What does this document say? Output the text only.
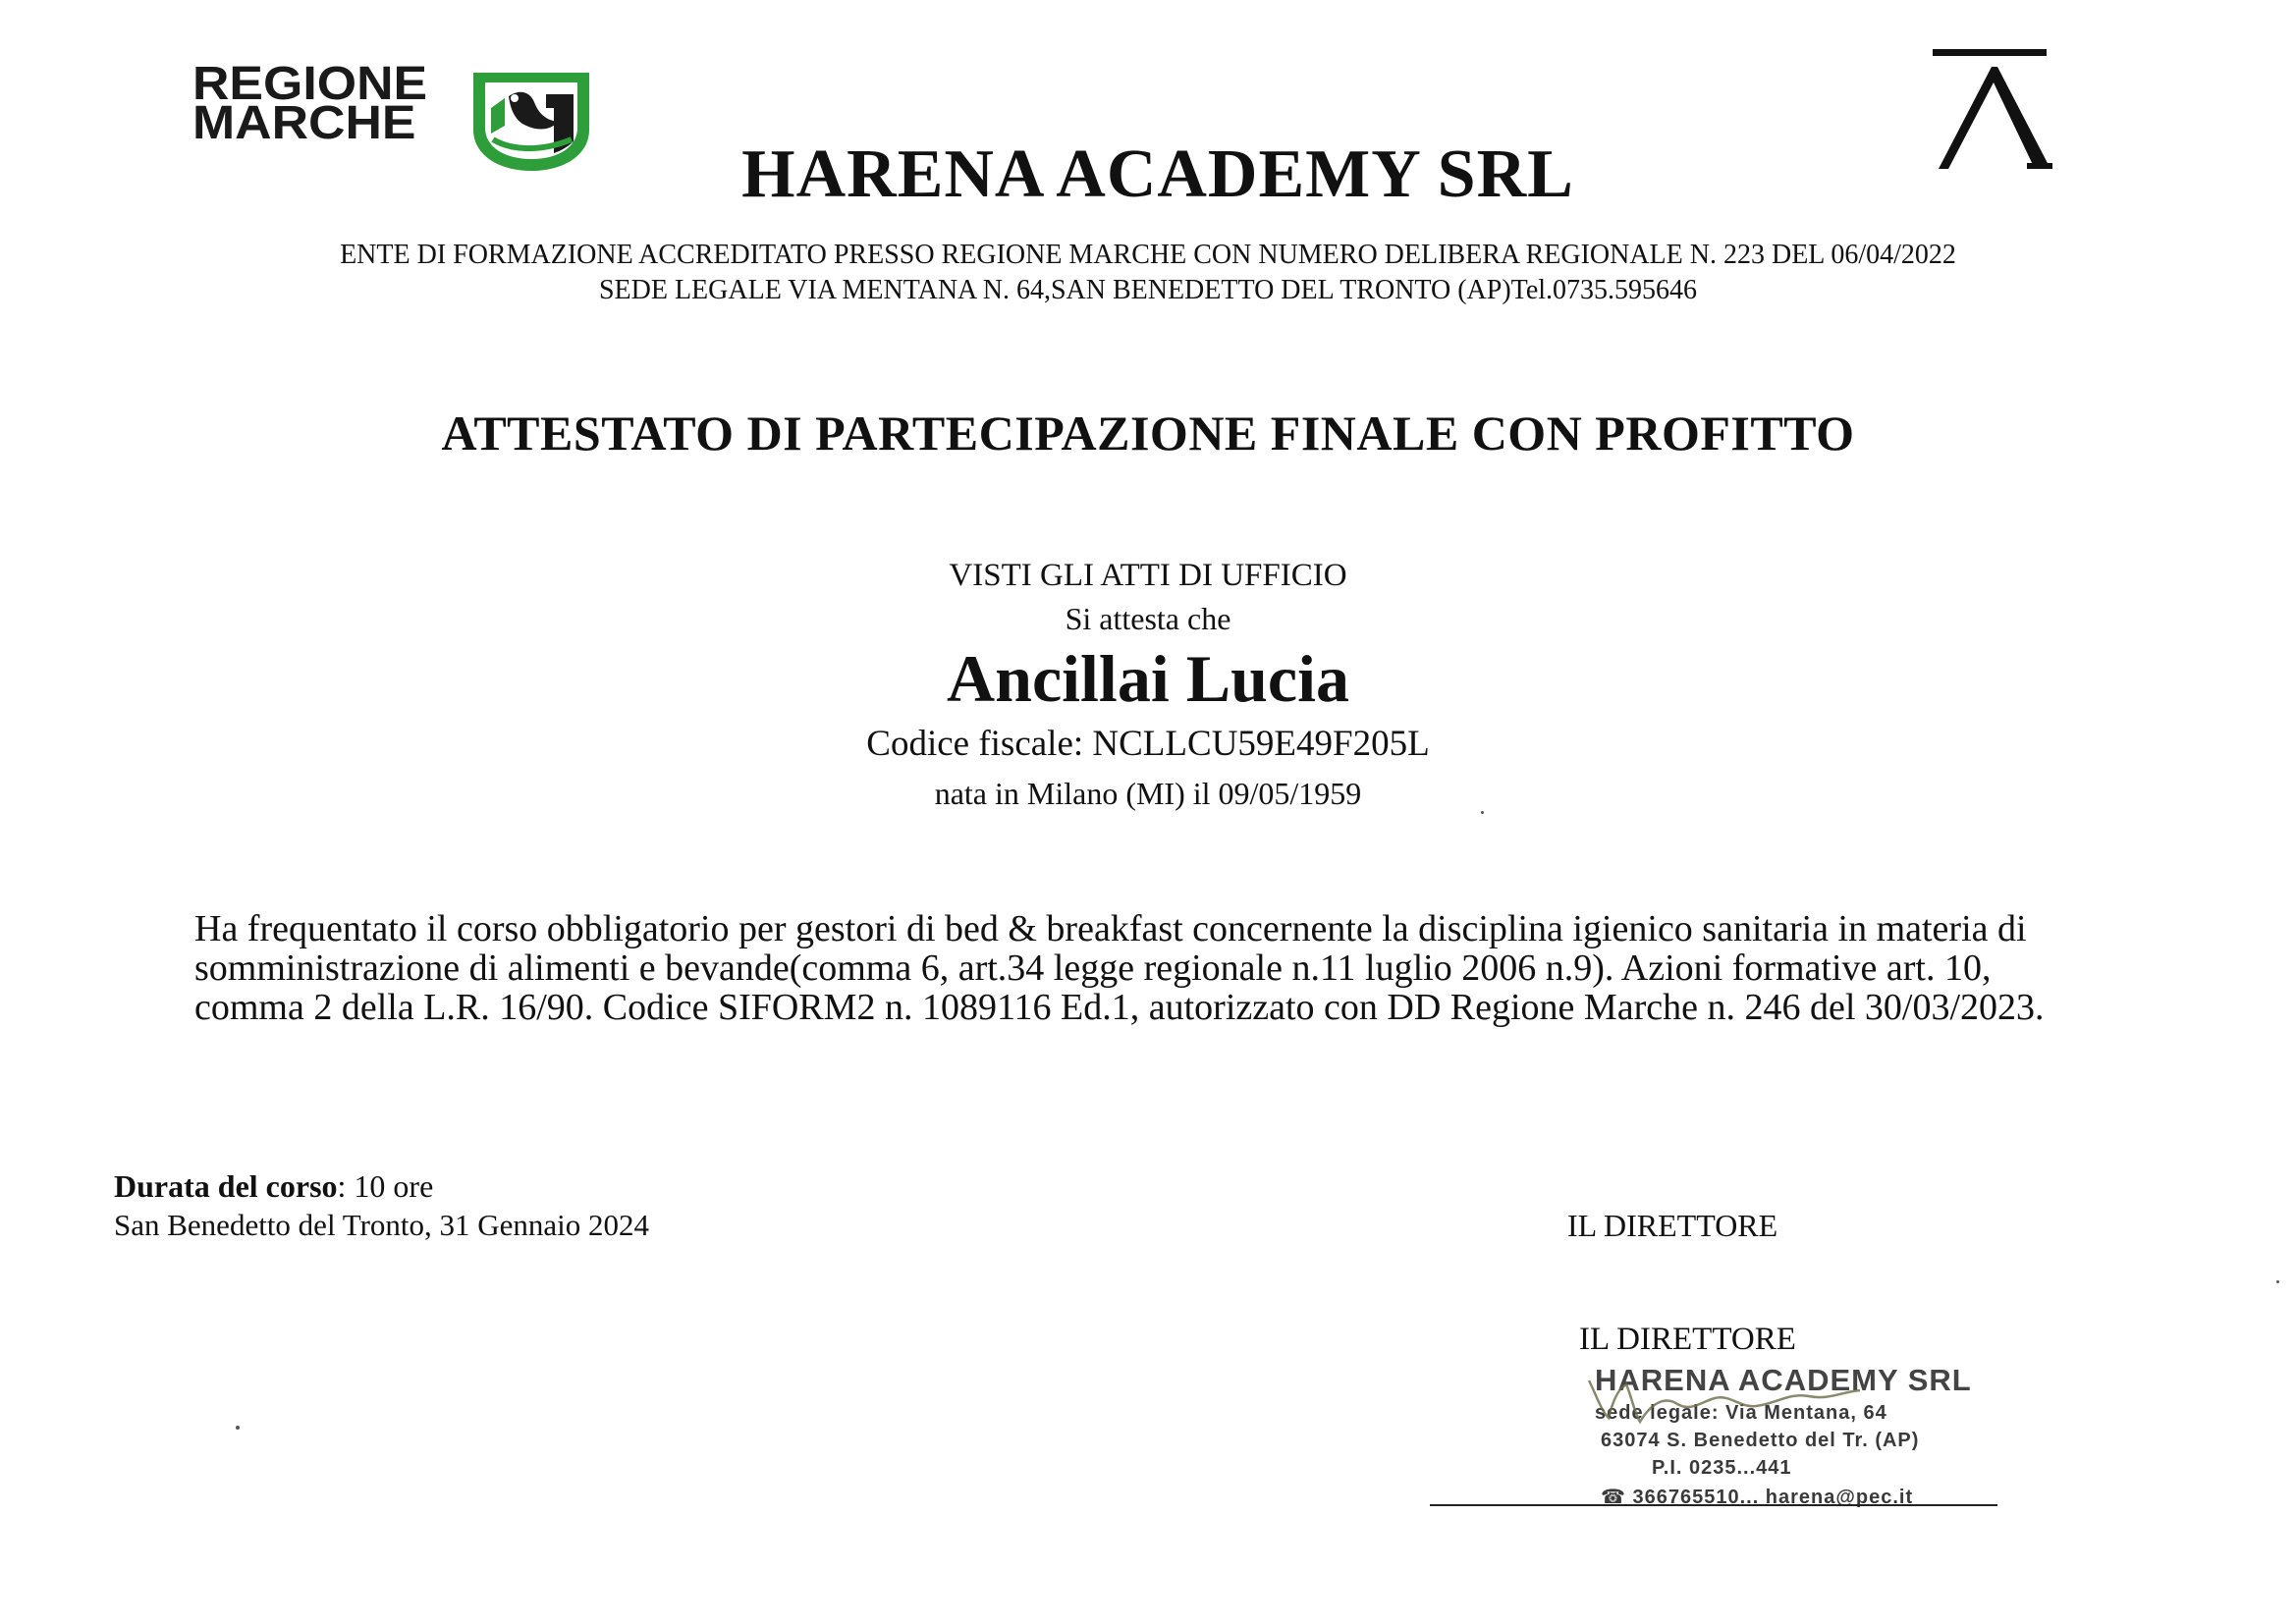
REGIONE
MARCHE
HARENA ACADEMY SRL
ENTE DI FORMAZIONE ACCREDITATO PRESSO REGIONE MARCHE CON NUMERO DELIBERA REGIONALE N. 223 DEL 06/04/2022
SEDE LEGALE VIA MENTANA N. 64,SAN BENEDETTO DEL TRONTO (AP)Tel.0735.595646
ATTESTATO DI PARTECIPAZIONE FINALE CON PROFITTO
VISTI GLI ATTI DI UFFICIO
Si attesta che
Ancillai Lucia
Codice fiscale: NCLLCU59E49F205L
nata in Milano (MI) il 09/05/1959
Ha frequentato il corso obbligatorio per gestori di bed & breakfast concernente la disciplina igienico sanitaria in materia di somministrazione di alimenti e bevande(comma 6, art.34 legge regionale n.11 luglio 2006 n.9). Azioni formative art. 10, comma 2 della L.R. 16/90. Codice SIFORM2 n. 1089116 Ed.1, autorizzato con DD Regione Marche n. 246 del 30/03/2023.
Durata del corso: 10 ore
San Benedetto del Tronto, 31 Gennaio 2024	IL DIRETTORE
IL DIRETTORE
HARENA ACADEMY SRL
sede legale: Via Mentana, 64
63074 S. Benedetto del Tr. (AP)
P.I. 0235...441
☎ 366765510... harena@pec.it
